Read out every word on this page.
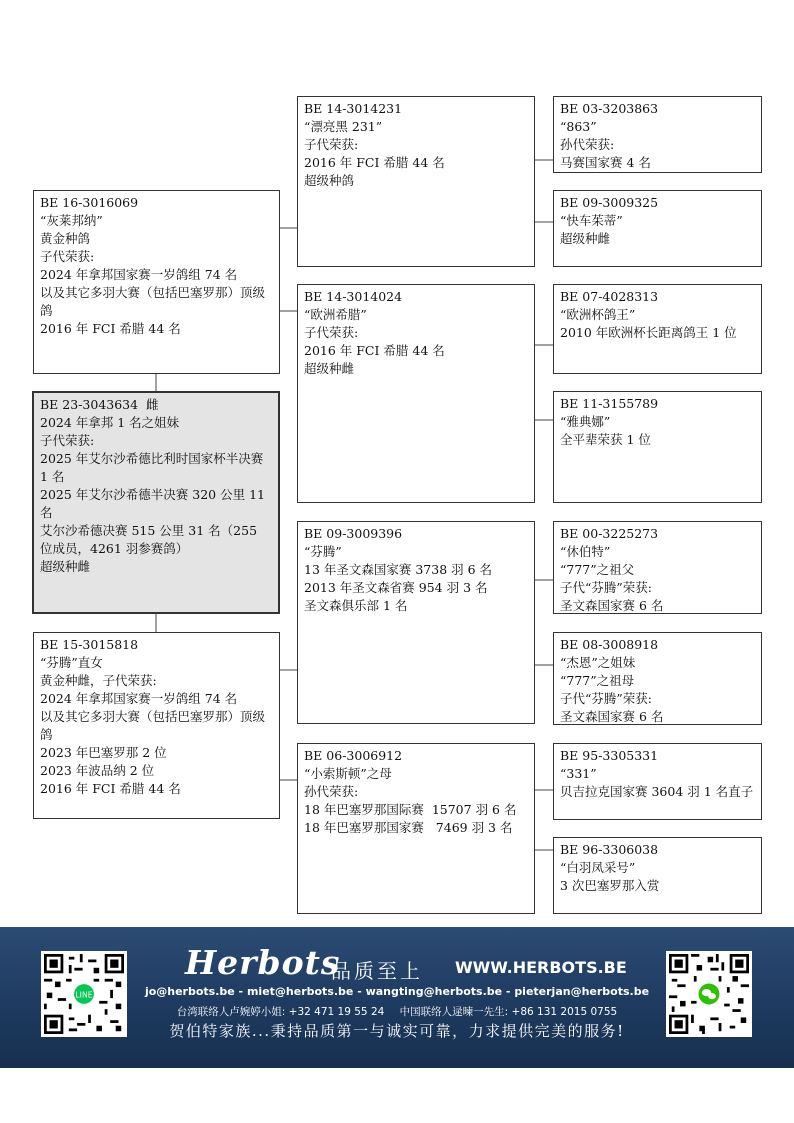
BE 16-3016069
“灰莱邦纳”
黄金种鸽
子代荣获:
2024 年拿邦国家赛一岁鸽组 74 名
以及其它多羽大赛（包括巴塞罗那）顶级鸽
2016 年 FCI 希腊 44 名
BE 23-3043634  雌
2024 年拿邦 1 名之姐妹
子代荣获:
2025 年艾尔沙希德比利时国家杯半决赛 1 名
2025 年艾尔沙希德半决赛 320 公里 11 名
艾尔沙希德决赛 515 公里 31 名（255 位成员，4261 羽参赛鸽）
超级种雌
BE 15-3015818
“芬腾”直女
黄金种雌，子代荣获:
2024 年拿邦国家赛一岁鸽组 74 名
以及其它多羽大赛（包括巴塞罗那）顶级鸽
2023 年巴塞罗那 2 位
2023 年波品纳 2 位
2016 年 FCI 希腊 44 名
BE 14-3014231
“漂亮黑 231”
子代荣获:
2016 年 FCI 希腊 44 名
超级种鸽
BE 14-3014024
“欧洲希腊”
子代荣获:
2016 年 FCI 希腊 44 名
超级种雌
BE 09-3009396
“芬腾”
13 年圣文森国家赛 3738 羽 6 名
2013 年圣文森省赛 954 羽 3 名
圣文森俱乐部 1 名
BE 06-3006912
“小索斯顿”之母
孙代荣获:
18 年巴塞罗那国际赛  15707 羽 6 名
18 年巴塞罗那国家赛   7469 羽 3 名
BE 03-3203863
“863”
孙代荣获:
马赛国家赛 4 名
BE 09-3009325
“快车茱蒂”
超级种雌
BE 07-4028313
“欧洲杯鸽王”
2010 年欧洲杯长距离鸽王 1 位
BE 11-3155789
“雅典娜”
全平辈荣获 1 位
BE 00-3225273
“休伯特”
“777”之祖父
子代“芬腾”荣获:
圣文森国家赛 6 名
BE 08-3008918
“杰恩”之姐妹
“777”之祖母
子代“芬腾”荣获:
圣文森国家赛 6 名
BE 95-3305331
“331”
贝吉拉克国家赛 3604 羽 1 名直子
BE 96-3306038
“白羽凤采号”
3 次巴塞罗那入赏
LINE
Herbots
品质至上 WWW.HERBOTS.BE
jo@herbots.be - miet@herbots.be - wangting@herbots.be - pieterjan@herbots.be
台湾联络人卢婉婷小姐: +32 471 19 55 24 中国联络人逯暕一先生: +86 131 2015 0755
贺伯特家族...秉持品质第一与诚实可靠，力求提供完美的服务!
